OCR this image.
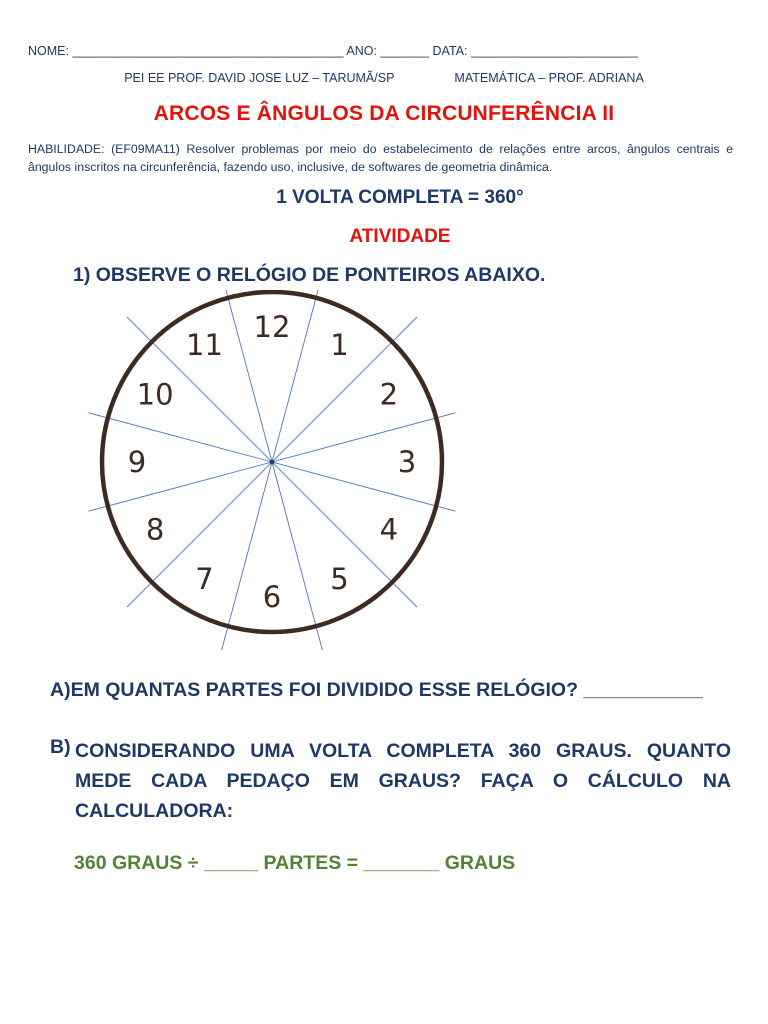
NOME: _______________________________________ ANO: _______ DATA: ________________________
PEI EE PROF. DAVID JOSE LUZ – TARUMÃ/SP	MATEMÁTICA – PROF. ADRIANA
ARCOS E ÂNGULOS DA CIRCUNFERÊNCIA II
HABILIDADE: (EF09MA11) Resolver problemas por meio do estabelecimento de relações entre arcos, ângulos centrais e ângulos inscritos na circunferência, fazendo uso, inclusive, de softwares de geometria dinâmica.
1 VOLTA COMPLETA = 360°
ATIVIDADE
1) OBSERVE O RELÓGIO DE PONTEIROS ABAIXO.
12
1
2
3
4
5
6
7
8
9
10
11
A)EM QUANTAS PARTES FOI DIVIDIDO ESSE RELÓGIO? ___________
B) CONSIDERANDO UMA VOLTA COMPLETA 360 GRAUS. QUANTO MEDE CADA PEDAÇO EM GRAUS? FAÇA O CÁLCULO NA CALCULADORA:
360 GRAUS ÷ _____ PARTES = _______ GRAUS
